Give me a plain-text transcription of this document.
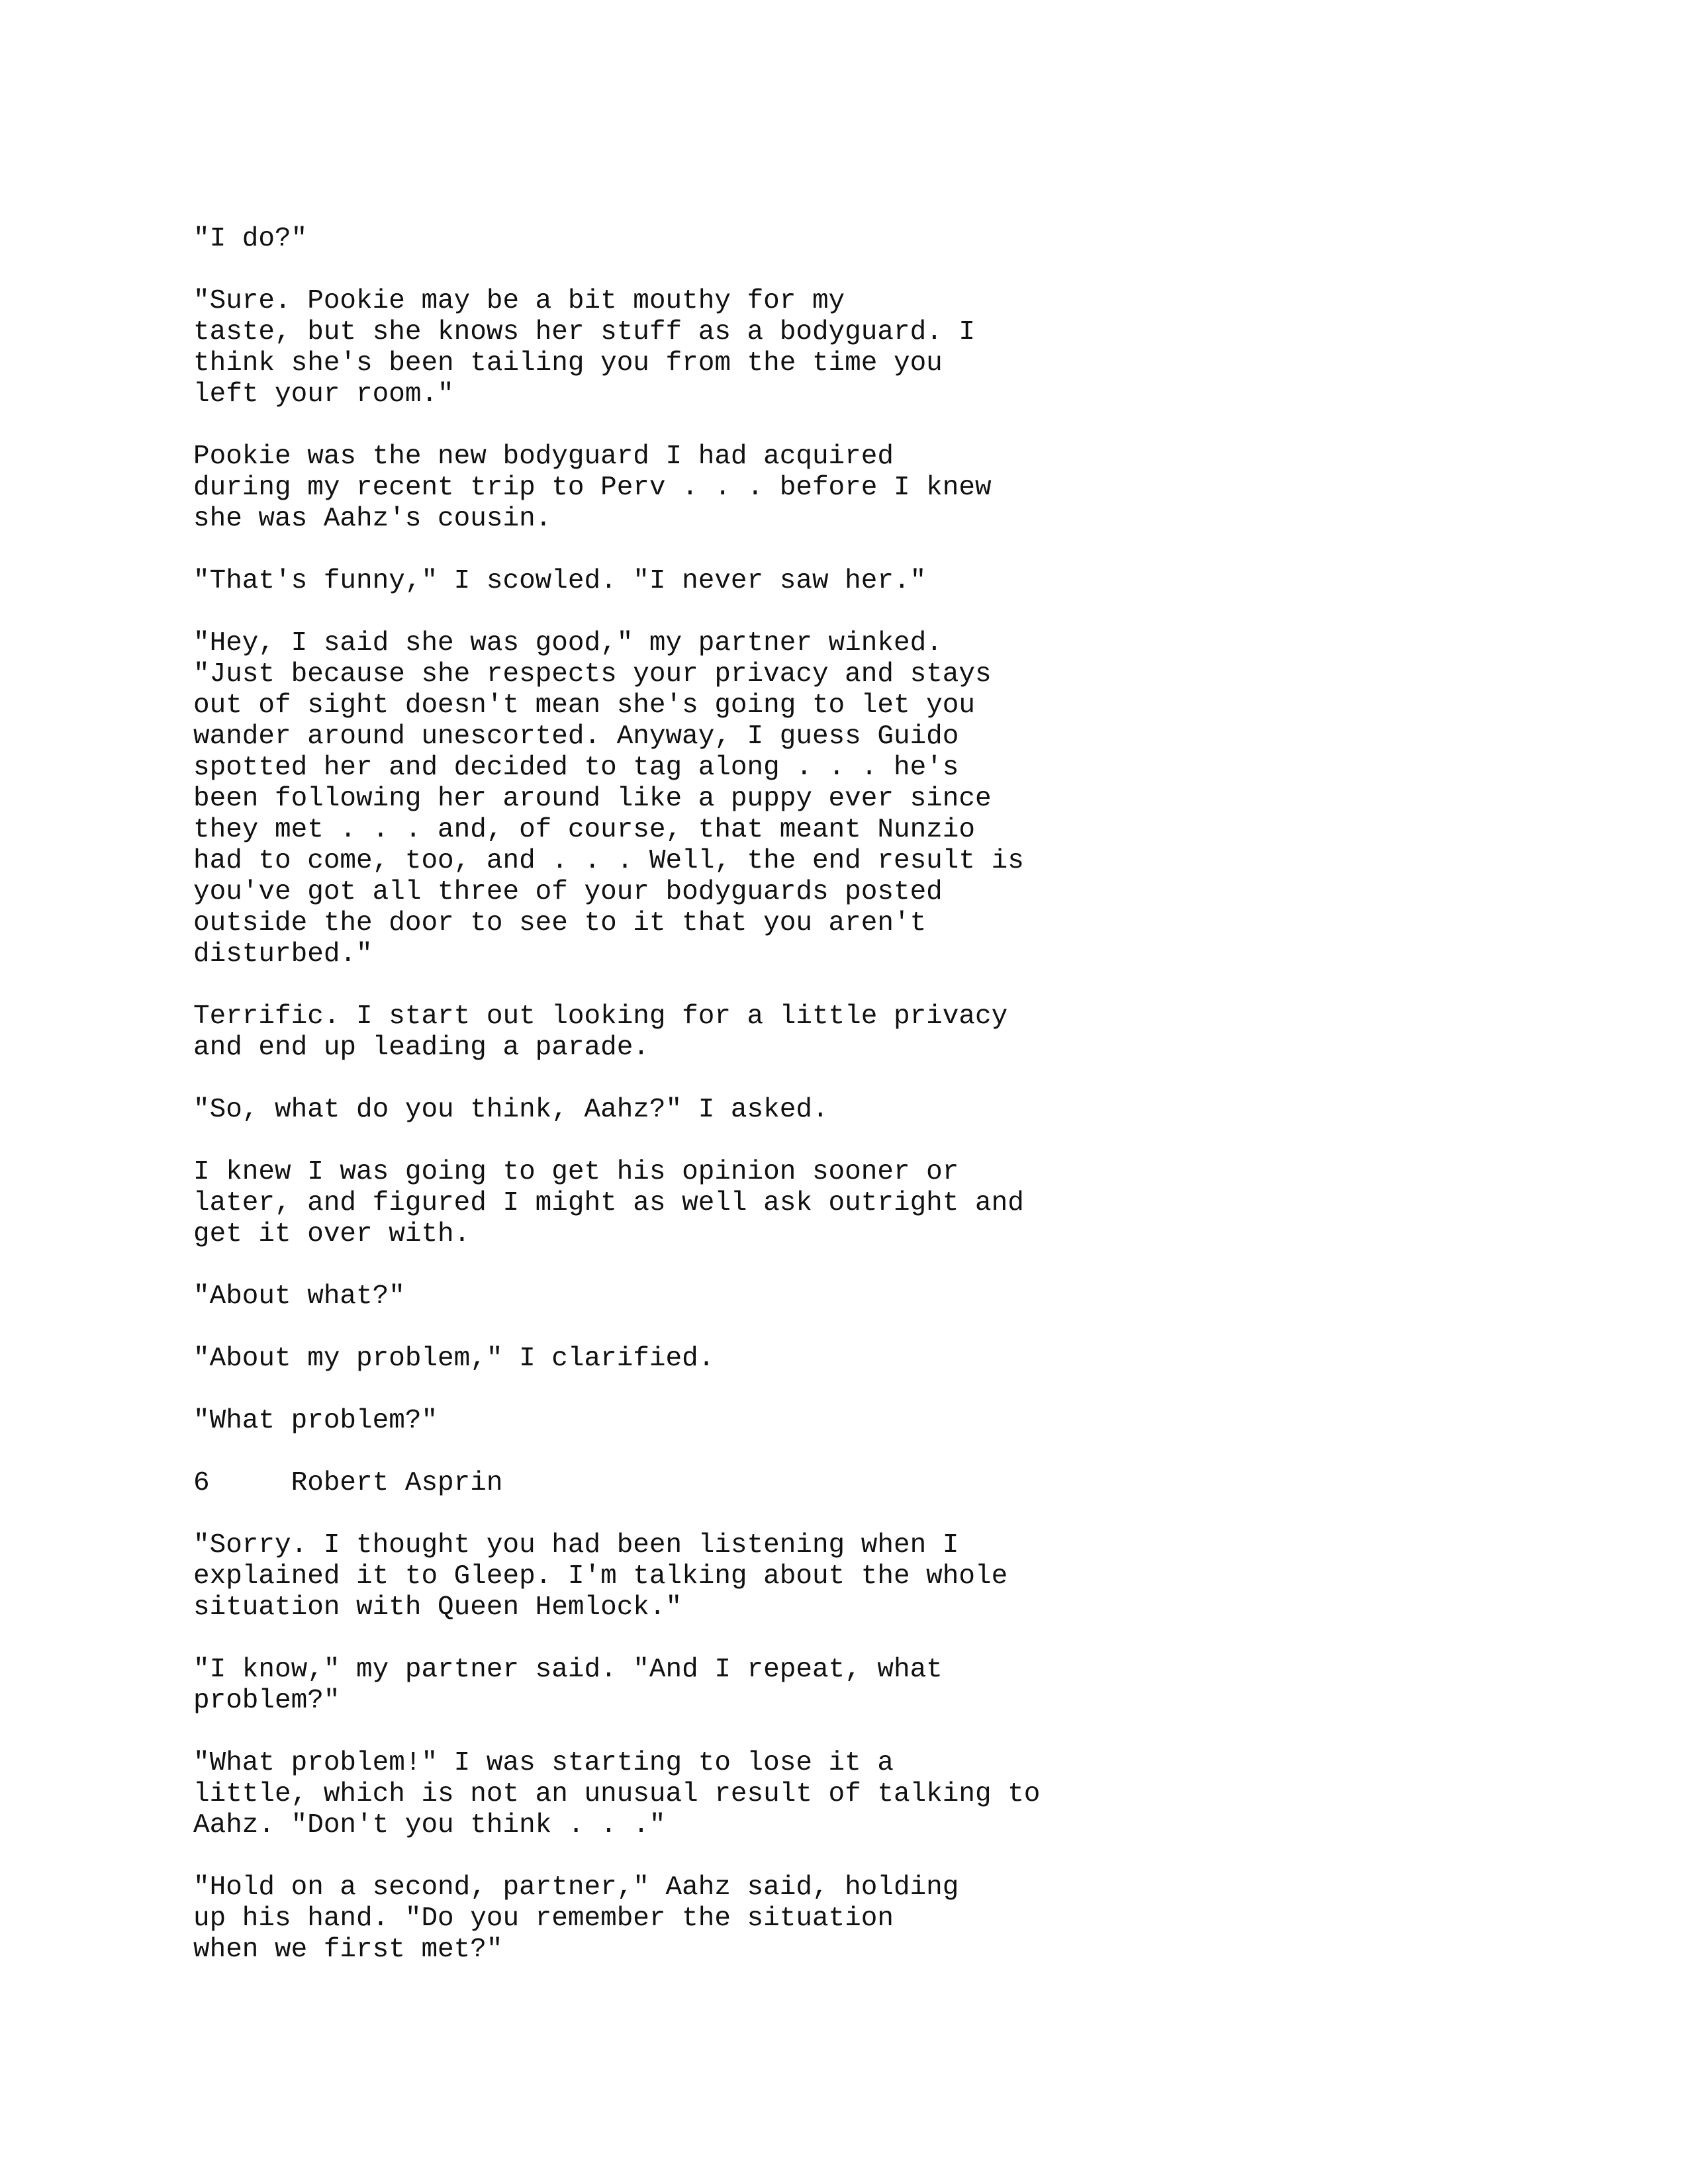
"I do?"

"Sure. Pookie may be a bit mouthy for my
taste, but she knows her stuff as a bodyguard. I
think she's been tailing you from the time you
left your room."

Pookie was the new bodyguard I had acquired
during my recent trip to Perv . . . before I knew
she was Aahz's cousin.

"That's funny," I scowled. "I never saw her."

"Hey, I said she was good," my partner winked.
"Just because she respects your privacy and stays
out of sight doesn't mean she's going to let you
wander around unescorted. Anyway, I guess Guido
spotted her and decided to tag along . . . he's
been following her around like a puppy ever since
they met . . . and, of course, that meant Nunzio
had to come, too, and . . . Well, the end result is
you've got all three of your bodyguards posted
outside the door to see to it that you aren't
disturbed."

Terrific. I start out looking for a little privacy
and end up leading a parade.

"So, what do you think, Aahz?" I asked.

I knew I was going to get his opinion sooner or
later, and figured I might as well ask outright and
get it over with.

"About what?"

"About my problem," I clarified.

"What problem?"

6     Robert Asprin

"Sorry. I thought you had been listening when I
explained it to Gleep. I'm talking about the whole
situation with Queen Hemlock."

"I know," my partner said. "And I repeat, what
problem?"

"What problem!" I was starting to lose it a
little, which is not an unusual result of talking to
Aahz. "Don't you think . . ."

"Hold on a second, partner," Aahz said, holding
up his hand. "Do you remember the situation
when we first met?"
